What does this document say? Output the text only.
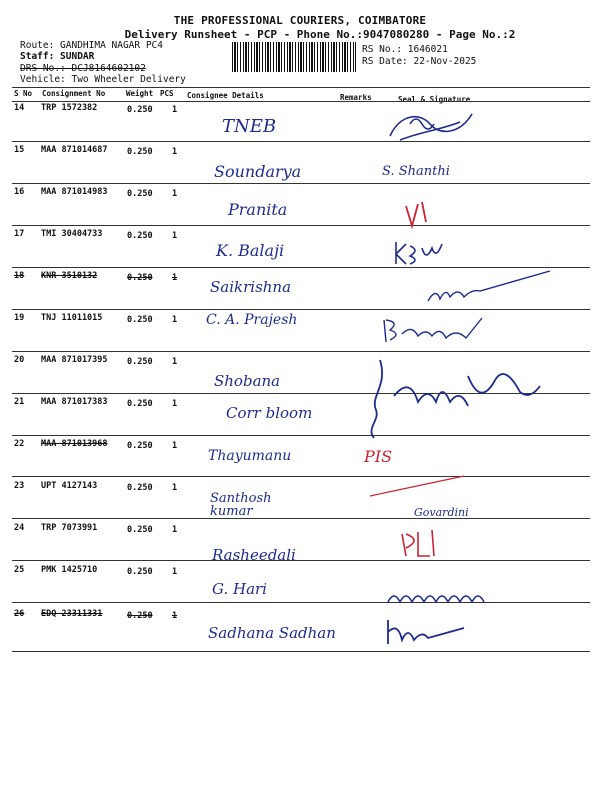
THE PROFESSIONAL COURIERS, COIMBATORE
Delivery Runsheet - PCP - Phone No.:9047080280 - Page No.:2
Route: GANDHIMA NAGAR PC4
Staff: SUNDAR
DRS No.: DCJ8164602102
Vehicle: Two Wheeler Delivery
RS No.: 1646021
RS Date: 22-Nov-2025
S No Consignment No	Weight PCS Consignee Details	Remarks	Seal & Signature
14 TRP 1572382	0.250 1
TNEB
15 MAA 871014687 0.250 1
Soundarya	S. Shanthi
16 MAA 871014983 0.250 1
Pranita
17 TMI 30404733	0.250 1
K. Balaji
18 KNR 3510132	0.250 1 Saikrishna
19 TNJ 11011015	0.250 1 C. A. Prajesh
20 MAA 871017395 0.250 1
Shobana
21 MAA 871017383 0.250 1	Corr bloom
22 MAA 871013968 0.250 1
Thayumanu	PIS
23 UPT 4127143	0.250 1
Santhosh kumar	Govardini
24 TRP 7073991	0.250 1
Rasheedali
25 PMK 1425710	0.250 1
G. Hari
26 EDQ 23311331	0.250 1
Sadhana Sadhan
